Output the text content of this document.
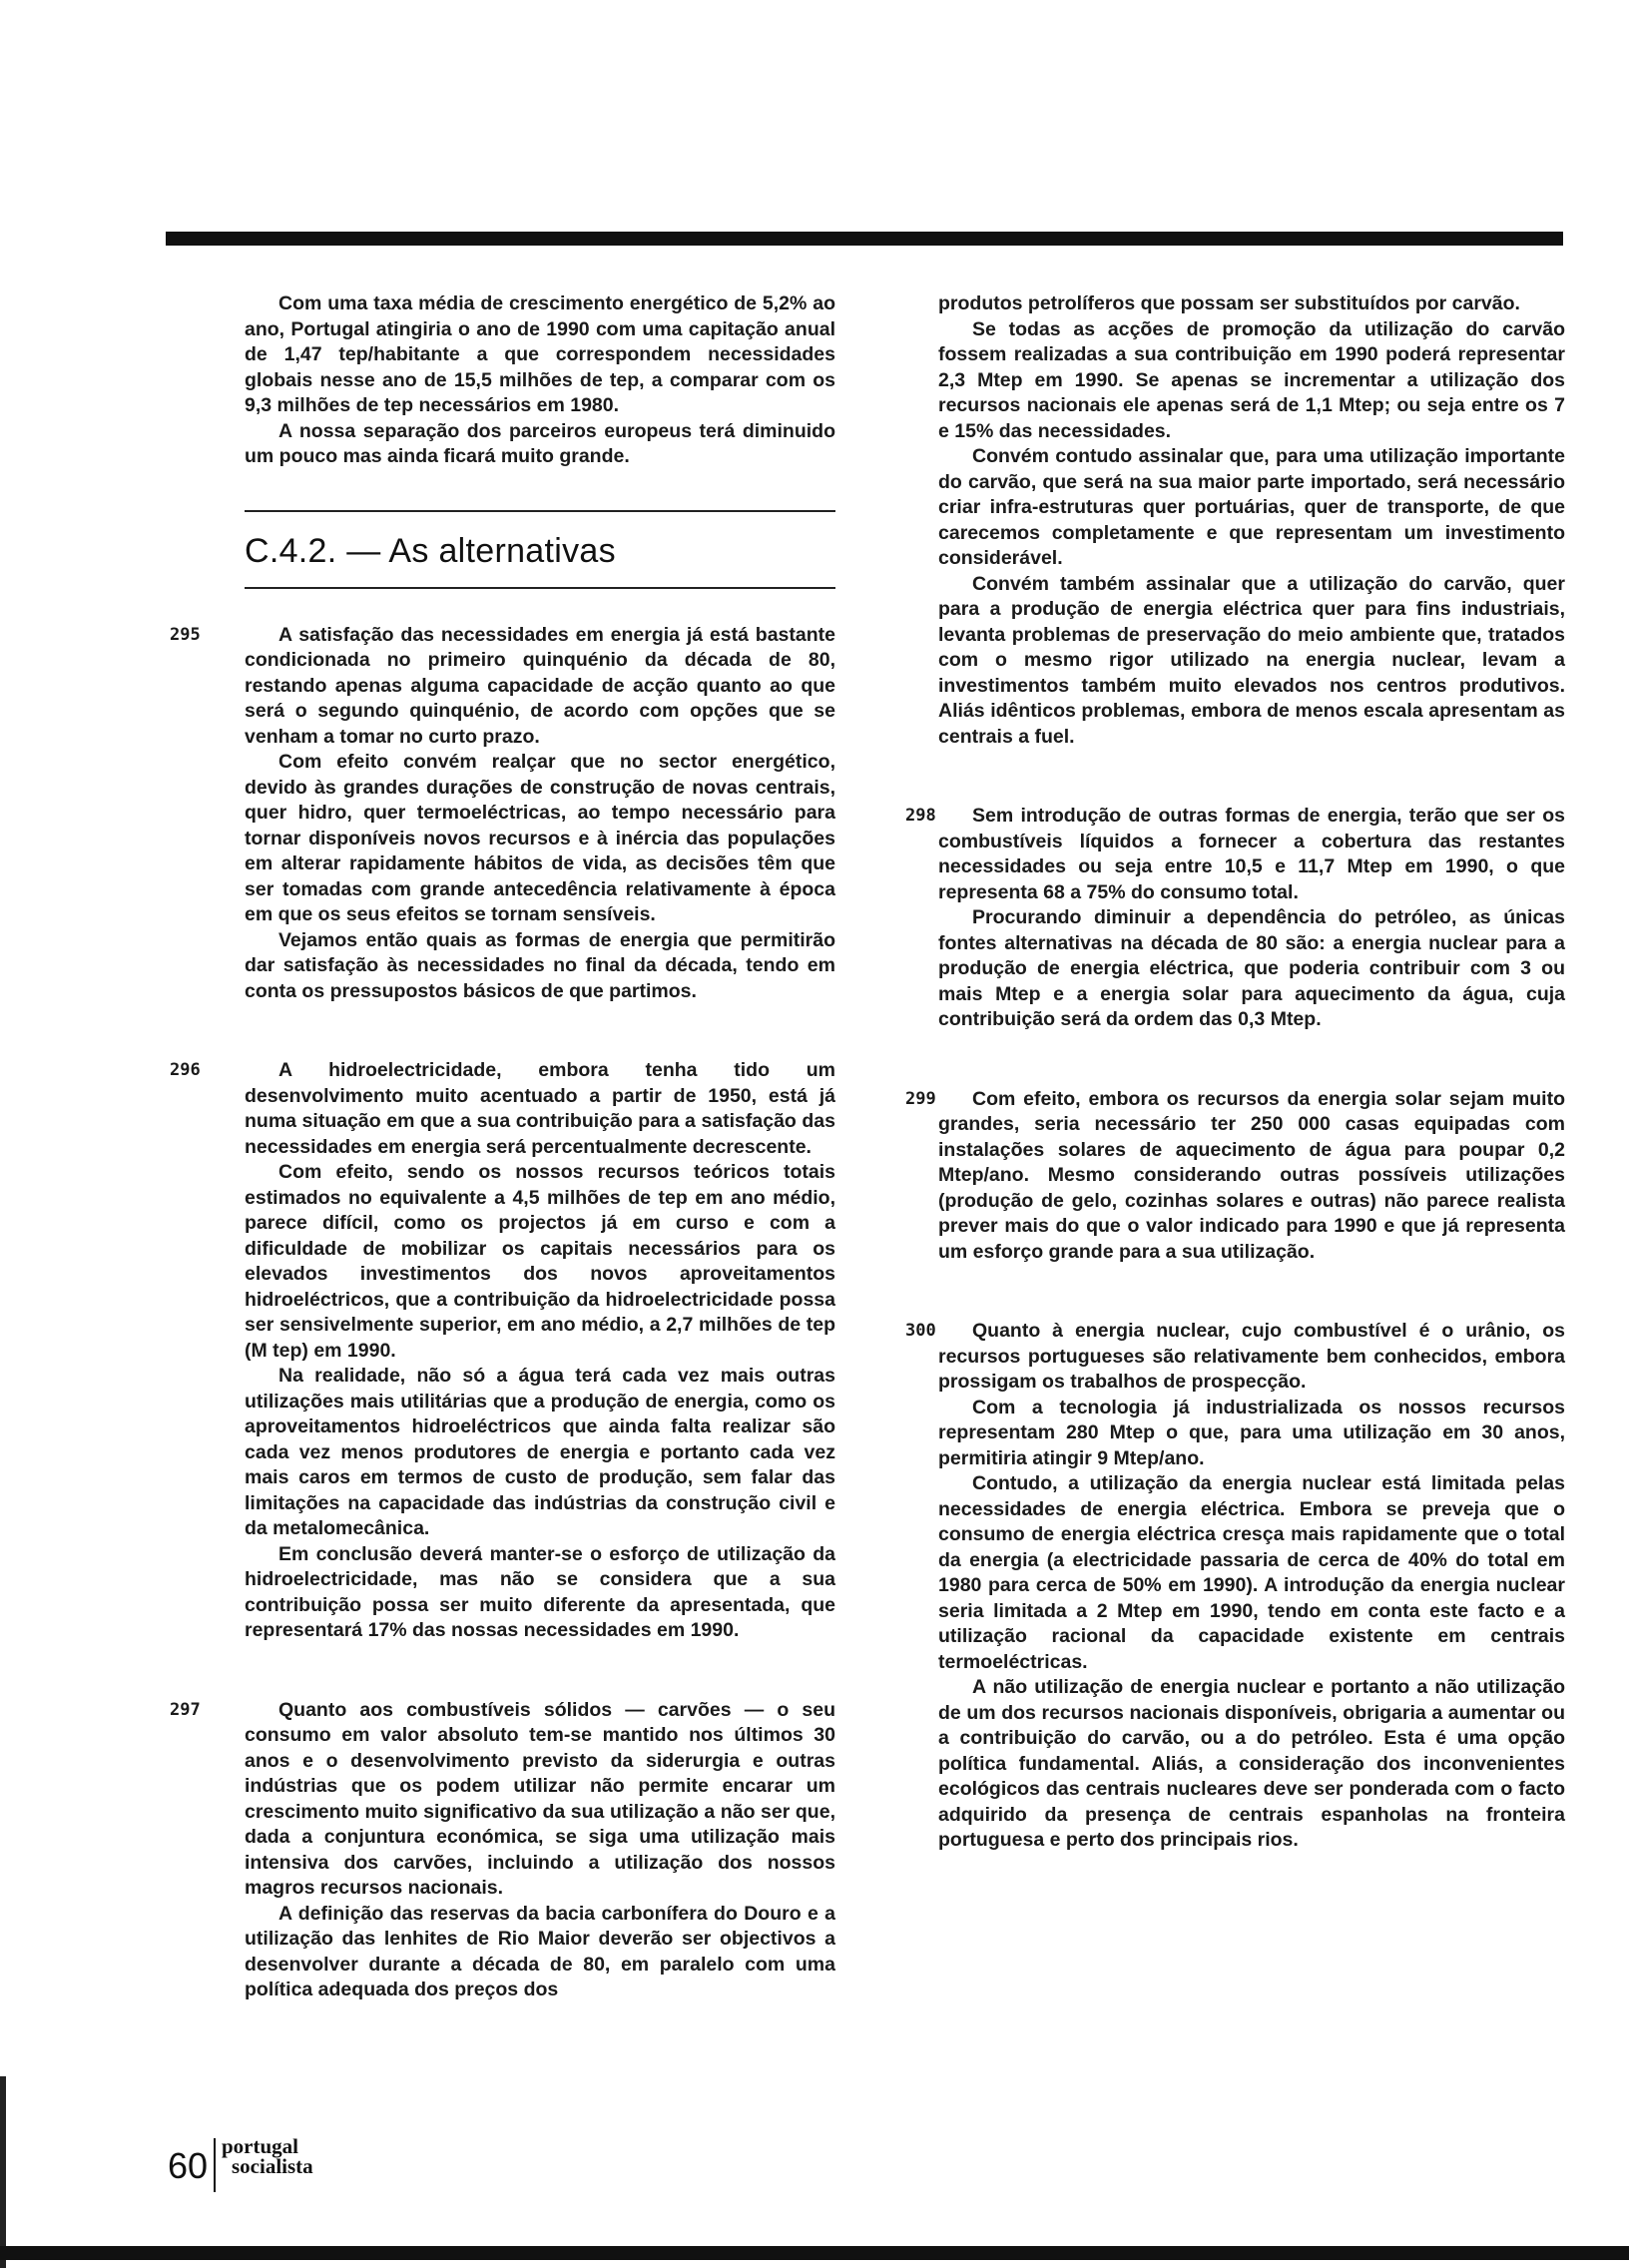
Com uma taxa média de crescimento energético de 5,2% ao ano, Portugal atingiria o ano de 1990 com uma capitação anual de 1,47 tep/habitante a que correspondem necessidades globais nesse ano de 15,5 milhões de tep, a comparar com os 9,3 milhões de tep necessários em 1980.

A nossa separação dos parceiros europeus terá diminuido um pouco mas ainda ficará muito grande.

C.4.2. — As alternativas
295	A satisfação das necessidades em energia já está bastante condicionada no primeiro quinquénio da década de 80, restando apenas alguma capacidade de acção quanto ao que será o segundo quinquénio, de acordo com opções que se venham a tomar no curto prazo.

Com efeito convém realçar que no sector energético, devido às grandes durações de construção de novas centrais, quer hidro, quer termoeléctricas, ao tempo necessário para tornar disponíveis novos recursos e à inércia das populações em alterar rapidamente hábitos de vida, as decisões têm que ser tomadas com grande antecedência relativamente à época em que os seus efeitos se tornam sensíveis.

Vejamos então quais as formas de energia que permitirão dar satisfação às necessidades no final da década, tendo em conta os pressupostos básicos de que partimos.

296	A hidroelectricidade, embora tenha tido um desenvolvimento muito acentuado a partir de 1950, está já numa situação em que a sua contribuição para a satisfação das necessidades em energia será percentualmente decrescente.

Com efeito, sendo os nossos recursos teóricos totais estimados no equivalente a 4,5 milhões de tep em ano médio, parece difícil, como os projectos já em curso e com a dificuldade de mobilizar os capitais necessários para os elevados investimentos dos novos aproveitamentos hidroeléctricos, que a contribuição da hidroelectricidade possa ser sensivelmente superior, em ano médio, a 2,7 milhões de tep (M tep) em 1990.

Na realidade, não só a água terá cada vez mais outras utilizações mais utilitárias que a produção de energia, como os aproveitamentos hidroeléctricos que ainda falta realizar são cada vez menos produtores de energia e portanto cada vez mais caros em termos de custo de produção, sem falar das limitações na capacidade das indústrias da construção civil e da metalomecânica.

Em conclusão deverá manter-se o esforço de utilização da hidroelectricidade, mas não se considera que a sua contribuição possa ser muito diferente da apresentada, que representará 17% das nossas necessidades em 1990.

297	Quanto aos combustíveis sólidos — carvões — o seu consumo em valor absoluto tem-se mantido nos últimos 30 anos e o desenvolvimento previsto da siderurgia e outras indústrias que os podem utilizar não permite encarar um crescimento muito significativo da sua utilização a não ser que, dada a conjuntura económica, se siga uma utilização mais intensiva dos carvões, incluindo a utilização dos nossos magros recursos nacionais.

A definição das reservas da bacia carbonífera do Douro e a utilização das lenhites de Rio Maior deverão ser objectivos a desenvolver durante a década de 80, em paralelo com uma política adequada dos preços dos

produtos petrolíferos que possam ser substituídos por carvão.

Se todas as acções de promoção da utilização do carvão fossem realizadas a sua contribuição em 1990 poderá representar 2,3 Mtep em 1990. Se apenas se incrementar a utilização dos recursos nacionais ele apenas será de 1,1 Mtep; ou seja entre os 7 e 15% das necessidades.

Convém contudo assinalar que, para uma utilização importante do carvão, que será na sua maior parte importado, será necessário criar infra-estruturas quer portuárias, quer de transporte, de que carecemos completamente e que representam um investimento considerável.

Convém também assinalar que a utilização do carvão, quer para a produção de energia eléctrica quer para fins industriais, levanta problemas de preservação do meio ambiente que, tratados com o mesmo rigor utilizado na energia nuclear, levam a investimentos também muito elevados nos centros produtivos. Aliás idênticos problemas, embora de menos escala apresentam as centrais a fuel.

298	Sem introdução de outras formas de energia, terão que ser os combustíveis líquidos a fornecer a cobertura das restantes necessidades ou seja entre 10,5 e 11,7 Mtep em 1990, o que representa 68 a 75% do consumo total.

Procurando diminuir a dependência do petróleo, as únicas fontes alternativas na década de 80 são: a energia nuclear para a produção de energia eléctrica, que poderia contribuir com 3 ou mais Mtep e a energia solar para aquecimento da água, cuja contribuição será da ordem das 0,3 Mtep.

299	Com efeito, embora os recursos da energia solar sejam muito grandes, seria necessário ter 250 000 casas equipadas com instalações solares de aquecimento de água para poupar 0,2 Mtep/ano. Mesmo considerando outras possíveis utilizações (produção de gelo, cozinhas solares e outras) não parece realista prever mais do que o valor indicado para 1990 e que já representa um esforço grande para a sua utilização.

300	Quanto à energia nuclear, cujo combustível é o urânio, os recursos portugueses são relativamente bem conhecidos, embora prossigam os trabalhos de prospecção.

Com a tecnologia já industrializada os nossos recursos representam 280 Mtep o que, para uma utilização em 30 anos, permitiria atingir 9 Mtep/ano.

Contudo, a utilização da energia nuclear está limitada pelas necessidades de energia eléctrica. Embora se preveja que o consumo de energia eléctrica cresça mais rapidamente que o total da energia (a electricidade passaria de cerca de 40% do total em 1980 para cerca de 50% em 1990). A introdução da energia nuclear seria limitada a 2 Mtep em 1990, tendo em conta este facto e a utilização racional da capacidade existente em centrais termoeléctricas.

A não utilização de energia nuclear e portanto a não utilização de um dos recursos nacionais disponíveis, obrigaria a aumentar ou a contribuição do carvão, ou a do petróleo. Esta é uma opção política fundamental. Aliás, a consideração dos inconvenientes ecológicos das centrais nucleares deve ser ponderada com o facto adquirido da presença de centrais espanholas na fronteira portuguesa e perto dos principais rios.

60 portugal
socialista
